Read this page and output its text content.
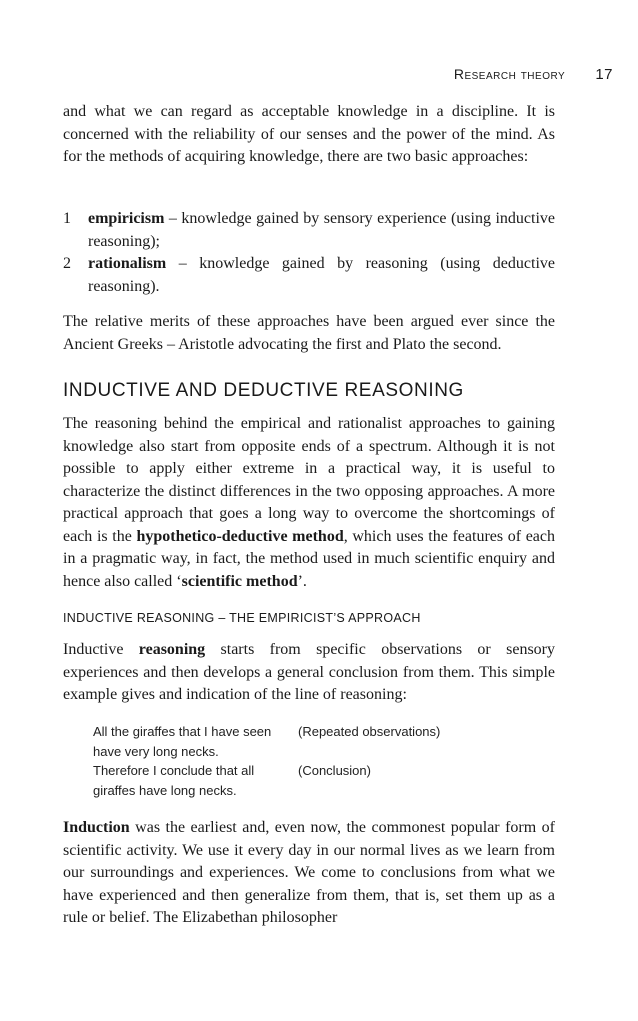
Research theory 17

and what we can regard as acceptable knowledge in a discipline. It is concerned with the reliability of our senses and the power of the mind. As for the methods of acquiring knowledge, there are two basic approaches:

1 empiricism – knowledge gained by sensory experience (using inductive reasoning);
2 rationalism – knowledge gained by reasoning (using deductive reasoning).

The relative merits of these approaches have been argued ever since the Ancient Greeks – Aristotle advocating the first and Plato the second.

INDUCTIVE AND DEDUCTIVE REASONING

The reasoning behind the empirical and rationalist approaches to gaining knowledge also start from opposite ends of a spectrum. Although it is not possible to apply either extreme in a practical way, it is useful to characterize the distinct differences in the two opposing approaches. A more practical approach that goes a long way to overcome the shortcomings of each is the hypothetico-deductive method, which uses the features of each in a pragmatic way, in fact, the method used in much scientific enquiry and hence also called ‘scientific method’.

INDUCTIVE REASONING – THE EMPIRICIST’S APPROACH

Inductive reasoning starts from specific observations or sensory experiences and then develops a general conclusion from them. This simple example gives and indication of the line of reasoning:

All the giraffes that I have seen
have very long necks.
(Repeated observations)
Therefore I conclude that all
giraffes have long necks.
(Conclusion)

Induction was the earliest and, even now, the commonest popular form of scientific activity. We use it every day in our normal lives as we learn from our surroundings and experiences. We come to conclusions from what we have experienced and then generalize from them, that is, set them up as a rule or belief. The Elizabethan philosopher
